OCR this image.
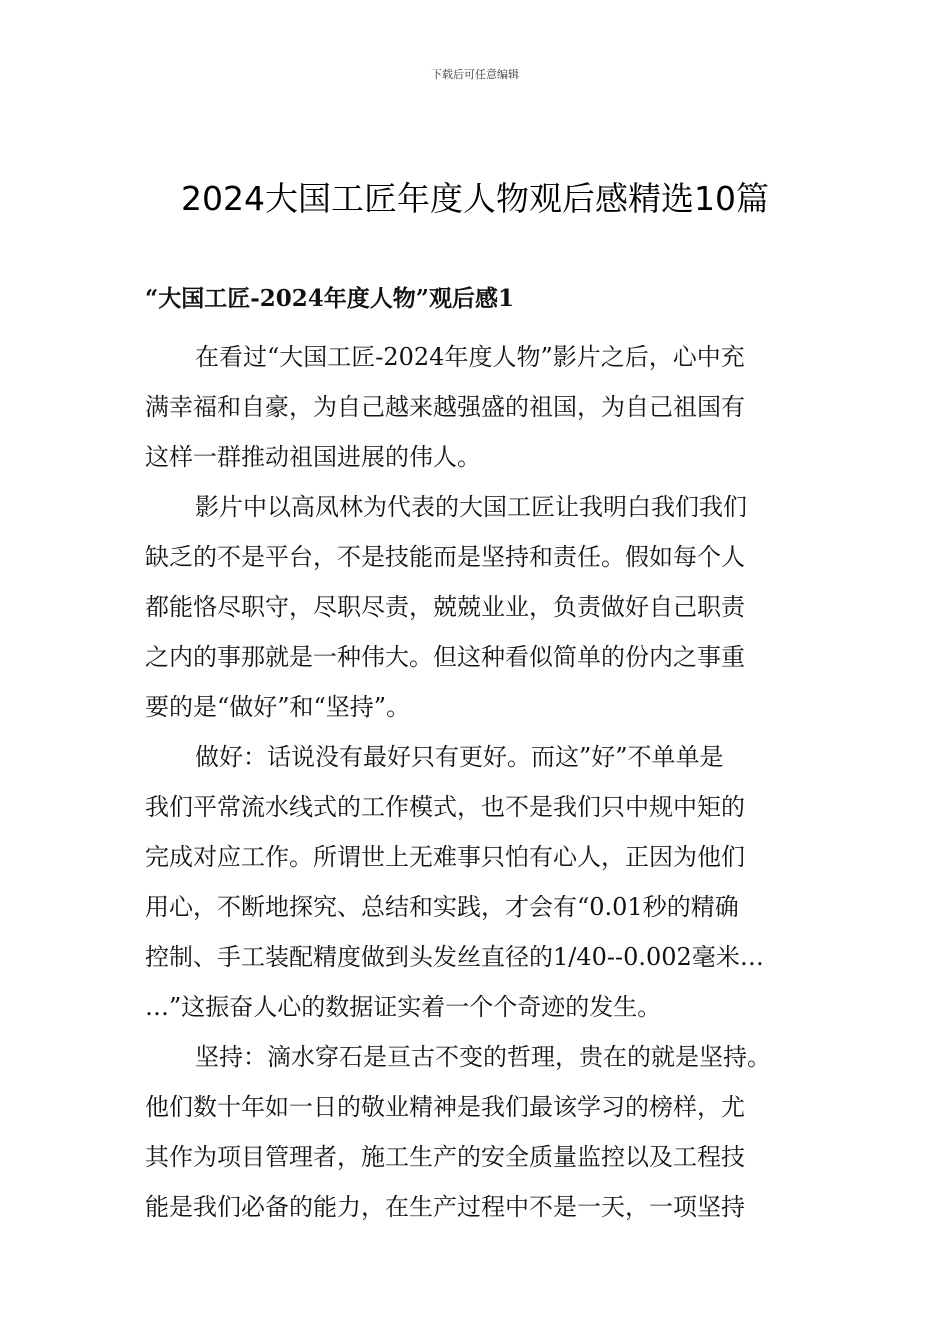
下载后可任意编辑
2024大国工匠年度人物观后感精选10篇
“大国工匠-2024年度人物”观后感1

在看过“大国工匠-2024年度人物”影片之后，心中充
满幸福和自豪，为自己越来越强盛的祖国，为自己祖国有
这样一群推动祖国进展的伟人。

影片中以高凤林为代表的大国工匠让我明白我们我们
缺乏的不是平台，不是技能而是坚持和责任。假如每个人
都能恪尽职守，尽职尽责，兢兢业业，负责做好自己职责
之内的事那就是一种伟大。但这种看似简单的份内之事重
要的是“做好”和“坚持”。

做好：话说没有最好只有更好。而这”好”不单单是
我们平常流水线式的工作模式，也不是我们只中规中矩的
完成对应工作。所谓世上无难事只怕有心人，正因为他们
用心，不断地探究、总结和实践，才会有“0.01秒的精确
控制、手工装配精度做到头发丝直径的1/40--0.002毫米…
…”这振奋人心的数据证实着一个个奇迹的发生。

坚持：滴水穿石是亘古不变的哲理，贵在的就是坚持。
他们数十年如一日的敬业精神是我们最该学习的榜样，尤
其作为项目管理者，施工生产的安全质量监控以及工程技
能是我们必备的能力，在生产过程中不是一天，一项坚持
